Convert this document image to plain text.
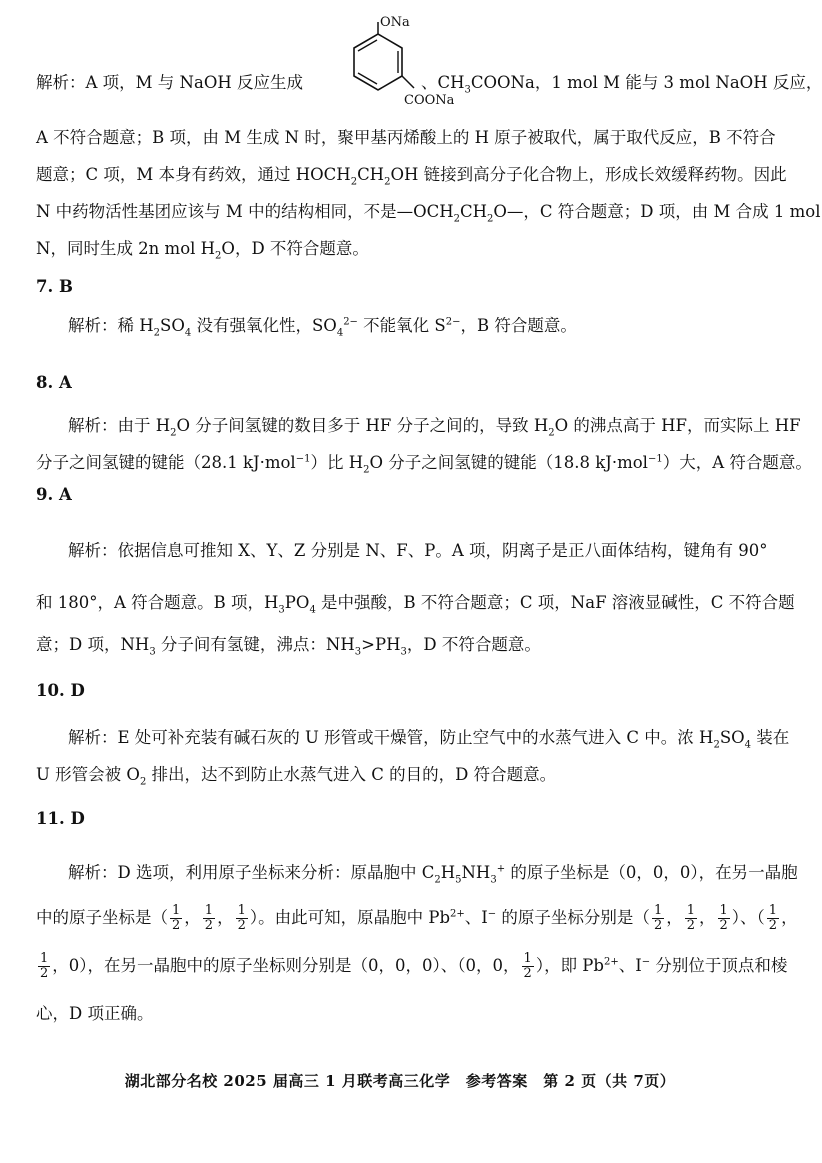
ONa
COONa
解析：A 项，M 与 NaOH 反应生成	、$CH_3COONa$，1 mol M 能与 3 mol NaOH 反应，
A 不符合题意；B 项，由 M 生成 N 时，聚甲基丙烯酸上的 H 原子被取代，属于取代反应，B 不符合
题意；C 项，M 本身有药效，通过 $HOCH_2CH_2OH$ 链接到高分子化合物上，形成长效缓释药物。因此
N 中药物活性基团应该与 M 中的结构相同，不是$—OCH_2CH_2O—$，C 符合题意；D 项，由 M 合成 1 mol
N，同时生成 2n mol $H_2O$，D 不符合题意。
7. B
解析：稀 $H_2SO_4$ 没有强氧化性，$SO_4^{2-}$ 不能氧化 $S^{2-}$，B 符合题意。
8. A
解析：由于 $H_2O$ 分子间氢键的数目多于 HF 分子之间的，导致 $H_2O$ 的沸点高于 HF，而实际上 HF
分子之间氢键的键能（28.1 kJ·mol$^{-1}$）比 $H_2O$ 分子之间氢键的键能（18.8 kJ·mol$^{-1}$）大，A 符合题意。
9. A
解析：依据信息可推知 X、Y、Z 分别是 N、F、P。A 项，阴离子是正八面体结构，键角有 90°
和 180°，A 符合题意。B 项，$H_3PO_4$ 是中强酸，B 不符合题意；C 项，NaF 溶液显碱性，C 不符合题
意；D 项，$NH_3$ 分子间有氢键，沸点：$NH_3>PH_3$，D 不符合题意。
10. D
解析：E 处可补充装有碱石灰的 U 形管或干燥管，防止空气中的水蒸气进入 C 中。浓 $H_2SO_4$ 装在
U 形管会被 $O_2$ 排出，达不到防止水蒸气进入 C 的目的，D 符合题意。
11. D
解析：D 选项，利用原子坐标来分析：原晶胞中 $C_2H_5NH_3^+$ 的原子坐标是（0，0，0），在另一晶胞
中的原子坐标是（ $\frac{1}{2}$ ， $\frac{1}{2}$ ， $\frac{1}{2}$ ）。由此可知，原晶胞中 $Pb^{2+}$、I− 的原子坐标分别是（ $\frac{1}{2}$ ， $\frac{1}{2}$ ， $\frac{1}{2}$ ）、（ $\frac{1}{2}$ ，
$\frac{1}{2}$ ，0），在另一晶胞中的原子坐标则分别是（0，0，0）、（0，0， $\frac{1}{2}$ ），即 $Pb^{2+}$、I− 分别位于顶点和棱
心，D 项正确。
湖北部分名校 2025 届高三 1 月联考高三化学　参考答案　第 2 页（共 7页）
